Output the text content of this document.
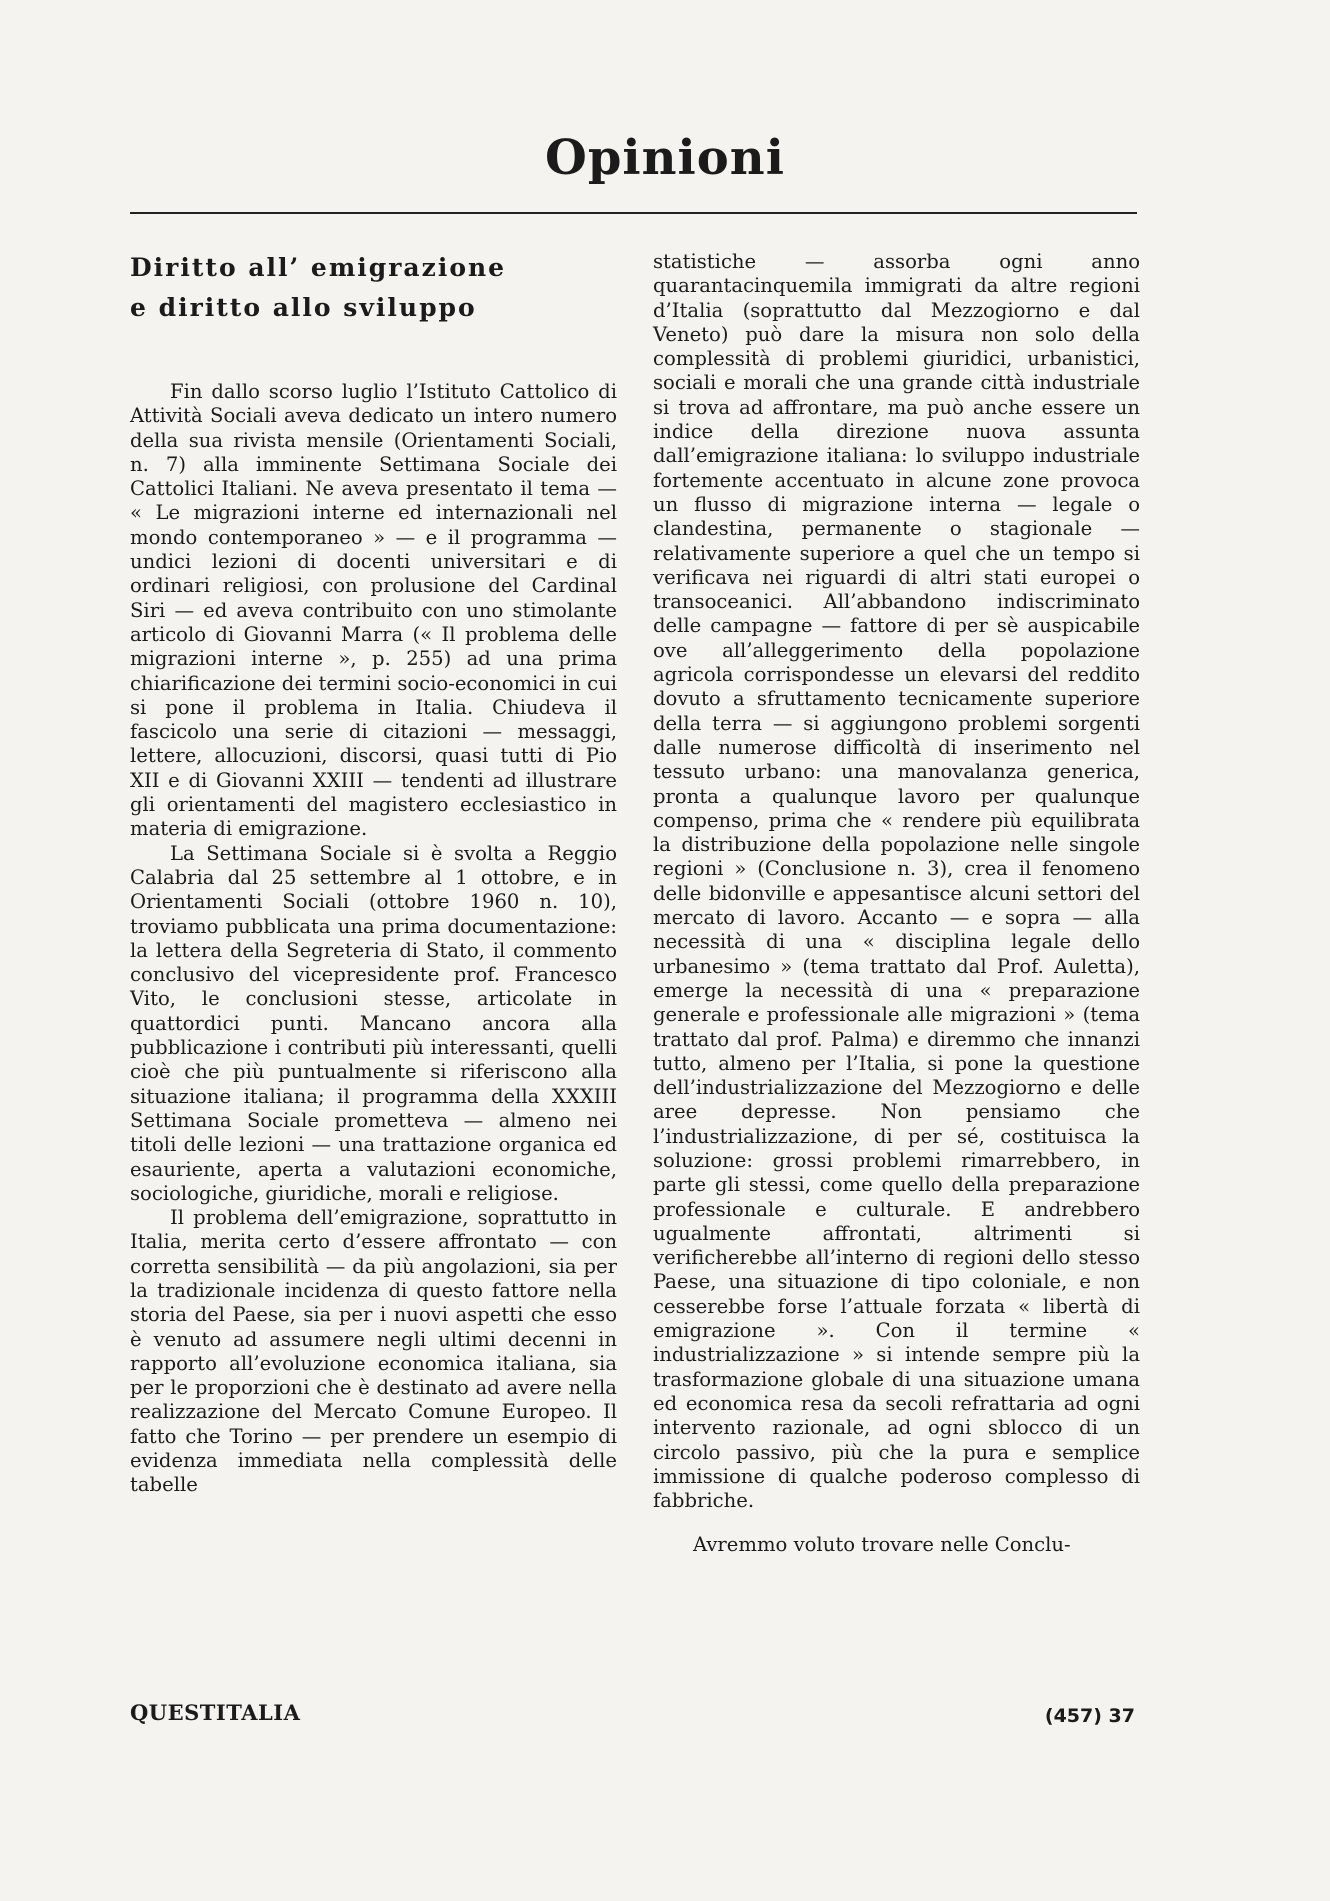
Opinioni
Diritto all’ emigrazione
e diritto allo sviluppo

Fin dallo scorso luglio l’Istituto Cattolico di Attività Sociali aveva dedicato un intero numero della sua rivista mensile (Orientamenti Sociali, n. 7) alla imminente Settimana Sociale dei Cattolici Italiani. Ne aveva presentato il tema — « Le migrazioni interne ed internazionali nel mondo contemporaneo » — e il programma — undici lezioni di docenti universitari e di ordinari religiosi, con prolusione del Cardinal Siri — ed aveva contribuito con uno stimolante articolo di Giovanni Marra (« Il problema delle migrazioni interne », p. 255) ad una prima chiarificazione dei termini socio-economici in cui si pone il problema in Italia. Chiudeva il fascicolo una serie di citazioni — messaggi, lettere, allocuzioni, discorsi, quasi tutti di Pio XII e di Giovanni XXIII — tendenti ad illustrare gli orientamenti del magistero ecclesiastico in materia di emigrazione.

La Settimana Sociale si è svolta a Reggio Calabria dal 25 settembre al 1 ottobre, e in Orientamenti Sociali (ottobre 1960 n. 10), troviamo pubblicata una prima documentazione: la lettera della Segreteria di Stato, il commento conclusivo del vicepresidente prof. Francesco Vito, le conclusioni stesse, articolate in quattordici punti. Mancano ancora alla pubblicazione i contributi più interessanti, quelli cioè che più puntualmente si riferiscono alla situazione italiana; il programma della XXXIII Settimana Sociale prometteva — almeno nei titoli delle lezioni — una trattazione organica ed esauriente, aperta a valutazioni economiche, sociologiche, giuridiche, morali e religiose.

Il problema dell’emigrazione, soprattutto in Italia, merita certo d’essere affrontato — con corretta sensibilità — da più angolazioni, sia per la tradizionale incidenza di questo fattore nella storia del Paese, sia per i nuovi aspetti che esso è venuto ad assumere negli ultimi decenni in rapporto all’evoluzione economica italiana, sia per le proporzioni che è destinato ad avere nella realizzazione del Mercato Comune Europeo. Il fatto che Torino — per prendere un esempio di evidenza immediata nella complessità delle tabelle

statistiche — assorba ogni anno quarantacinquemila immigrati da altre regioni d’Italia (soprattutto dal Mezzogiorno e dal Veneto) può dare la misura non solo della complessità di problemi giuridici, urbanistici, sociali e morali che una grande città industriale si trova ad affrontare, ma può anche essere un indice della direzione nuova assunta dall’emigrazione italiana: lo sviluppo industriale fortemente accentuato in alcune zone provoca un flusso di migrazione interna — legale o clandestina, permanente o stagionale — relativamente superiore a quel che un tempo si verificava nei riguardi di altri stati europei o transoceanici. All’abbandono indiscriminato delle campagne — fattore di per sè auspicabile ove all’alleggerimento della popolazione agricola corrispondesse un elevarsi del reddito dovuto a sfruttamento tecnicamente superiore della terra — si aggiungono problemi sorgenti dalle numerose difficoltà di inserimento nel tessuto urbano: una manovalanza generica, pronta a qualunque lavoro per qualunque compenso, prima che « rendere più equilibrata la distribuzione della popolazione nelle singole regioni » (Conclusione n. 3), crea il fenomeno delle bidonville e appesantisce alcuni settori del mercato di lavoro. Accanto — e sopra — alla necessità di una « disciplina legale dello urbanesimo » (tema trattato dal Prof. Auletta), emerge la necessità di una « preparazione generale e professionale alle migrazioni » (tema trattato dal prof. Palma) e diremmo che innanzi tutto, almeno per l’Italia, si pone la questione dell’industrializzazione del Mezzogiorno e delle aree depresse. Non pensiamo che l’industrializzazione, di per sé, costituisca la soluzione: grossi problemi rimarrebbero, in parte gli stessi, come quello della preparazione professionale e culturale. E andrebbero ugualmente affrontati, altrimenti si verificherebbe all’interno di regioni dello stesso Paese, una situazione di tipo coloniale, e non cesserebbe forse l’attuale forzata « libertà di emigrazione ». Con il termine « industrializzazione » si intende sempre più la trasformazione globale di una situazione umana ed economica resa da secoli refrattaria ad ogni intervento razionale, ad ogni sblocco di un circolo passivo, più che la pura e semplice immissione di qualche poderoso complesso di fabbriche.

Avremmo voluto trovare nelle Conclu-

QUESTITALIA	(457) 37
